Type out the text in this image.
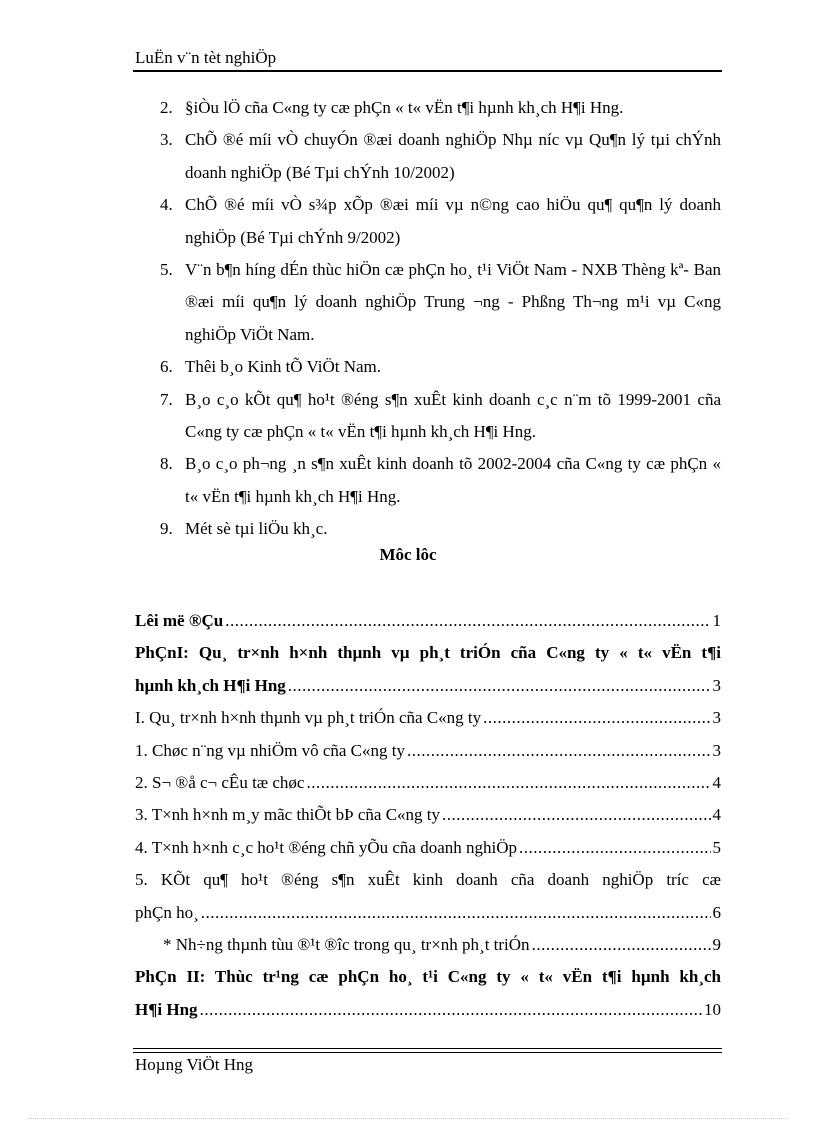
LuËn v¨n tèt nghiÖp
2. §iÒu lÖ cña C«ng ty cæ phÇn « t« vËn t¶i hµnh kh¸ch H¶i Hng.
3. ChÕ ®é míi vÒ chuyÓn ®æi doanh nghiÖp Nhµ níc vµ Qu¶n lý tµi chÝnh doanh nghiÖp (Bé Tµi chÝnh 10/2002)
4. ChÕ ®é míi vÒ s¾p xÕp ®æi míi vµ n©ng cao hiÖu qu¶ qu¶n lý doanh nghiÖp (Bé Tµi chÝnh 9/2002)
5. V¨n b¶n híng dÉn thùc hiÖn cæ phÇn ho¸ t¹i ViÖt Nam - NXB Thèng kª- Ban ®æi míi qu¶n lý doanh nghiÖp Trung ¬ng - Phßng Th¬ng m¹i vµ C«ng nghiÖp ViÖt Nam.
6. Thêi b¸o Kinh tÕ ViÖt Nam.
7. B¸o c¸o kÕt qu¶ ho¹t ®éng s¶n xuÊt kinh doanh c¸c n¨m tõ 1999-2001 cña C«ng ty cæ phÇn « t« vËn t¶i hµnh kh¸ch H¶i Hng.
8. B¸o c¸o ph¬ng ¸n s¶n xuÊt kinh doanh tõ 2002-2004 cña C«ng ty cæ phÇn « t« vËn t¶i hµnh kh¸ch H¶i Hng.
9. Mét sè tµi liÖu kh¸c.
Môc lôc
Lêi më ®Çu .....	1
PhÇnI: Qu¸ tr×nh h×nh thµnh vµ ph¸t triÓn cña C«ng ty « t« vËn t¶i
hµnh kh¸ch H¶i Hng .....	3
I. Qu¸ tr×nh h×nh thµnh vµ ph¸t triÓn cña C«ng ty .....	3
1. Chøc n¨ng vµ nhiÖm vô cña C«ng ty .....	3
2. S¬ ®å c¬ cÊu tæ chøc .....	4
3. T×nh h×nh m¸y mãc thiÕt bÞ cña C«ng ty .....	4
4. T×nh h×nh c¸c ho¹t ®éng chñ yÕu cña doanh nghiÖp .....	5
5. KÕt qu¶ ho¹t ®éng s¶n xuÊt kinh doanh cña doanh nghiÖp tríc cæ
phÇn ho¸ .....	6
* Nh÷ng thµnh tùu ®¹t ®îc trong qu¸ tr×nh ph¸t triÓn .....	9
PhÇn II: Thùc tr¹ng cæ phÇn ho¸ t¹i C«ng ty « t« vËn t¶i hµnh kh¸ch
H¶i Hng .....	10
Hoµng ViÖt Hng
